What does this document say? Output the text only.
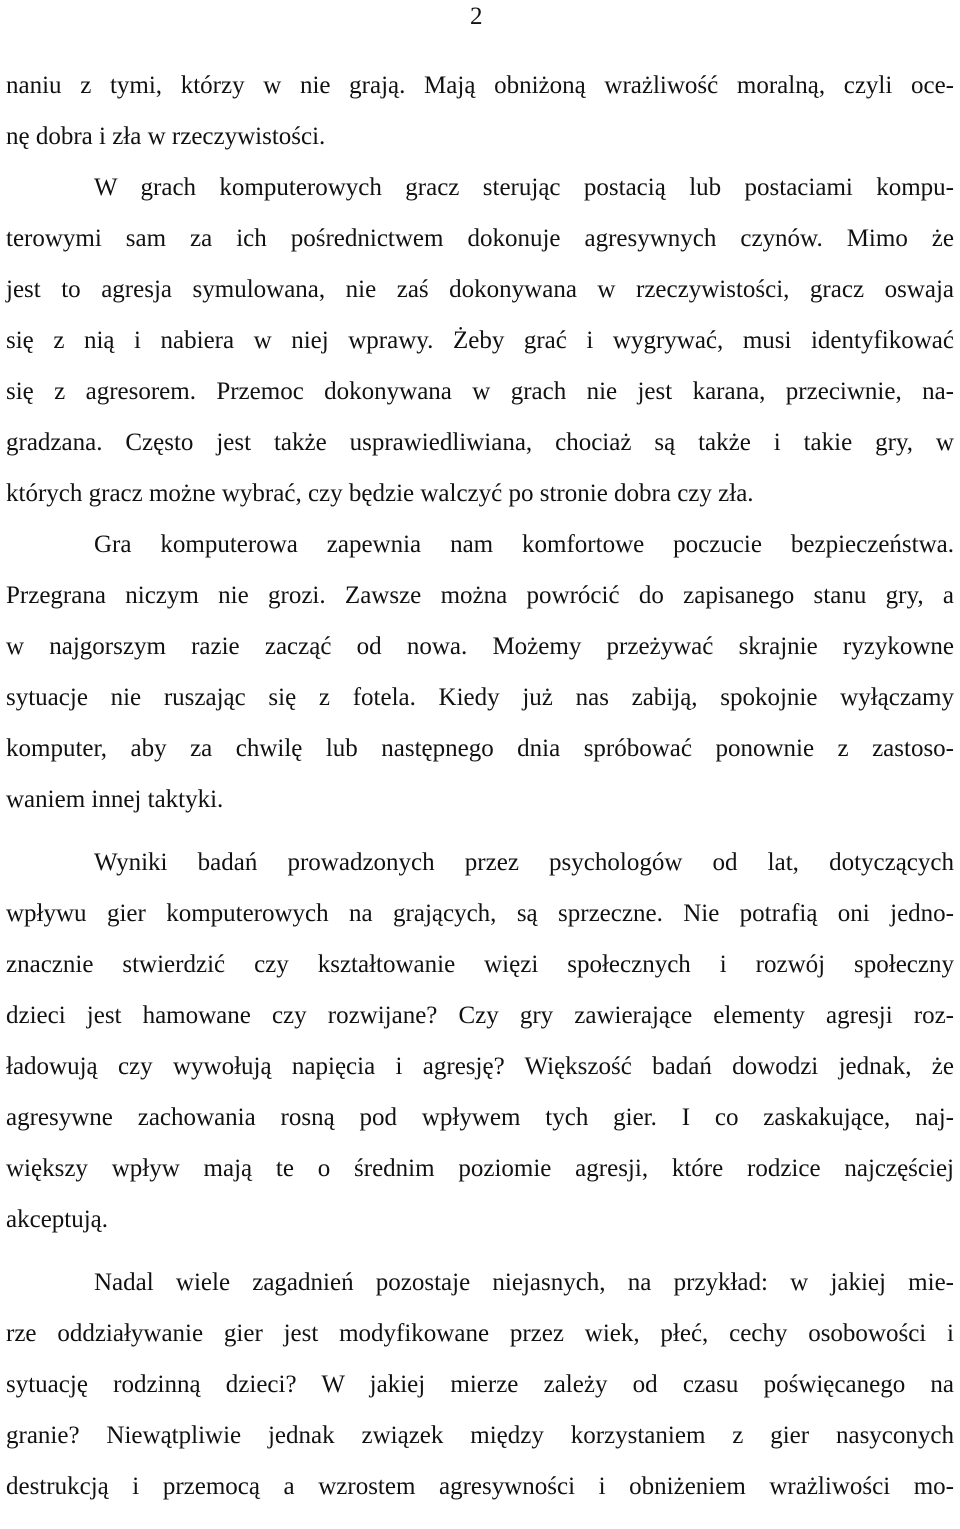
2
naniu z tymi, którzy w nie grają. Mają obniżoną wrażliwość moralną, czyli oce-
nę dobra i zła w rzeczywistości.
W grach komputerowych gracz sterując postacią lub postaciami kompu-
terowymi sam za ich pośrednictwem dokonuje agresywnych czynów. Mimo że
jest to agresja symulowana, nie zaś dokonywana w rzeczywistości, gracz oswaja
się z nią i nabiera w niej wprawy. Żeby grać i wygrywać, musi identyfikować
się z agresorem. Przemoc dokonywana w grach nie jest karana, przeciwnie, na-
gradzana. Często jest także usprawiedliwiana, chociaż są także i takie gry, w
których gracz możne wybrać, czy będzie walczyć po stronie dobra czy zła.
Gra komputerowa zapewnia nam komfortowe poczucie bezpieczeństwa.
Przegrana niczym nie grozi. Zawsze można powrócić do zapisanego stanu gry, a
w najgorszym razie zacząć od nowa. Możemy przeżywać skrajnie ryzykowne
sytuacje nie ruszając się z fotela. Kiedy już nas zabiją, spokojnie wyłączamy
komputer, aby za chwilę lub następnego dnia spróbować ponownie z zastoso-
waniem innej taktyki.
Wyniki badań prowadzonych przez psychologów od lat, dotyczących
wpływu gier komputerowych na grających, są sprzeczne. Nie potrafią oni jedno-
znacznie stwierdzić czy kształtowanie więzi społecznych i rozwój społeczny
dzieci jest hamowane czy rozwijane? Czy gry zawierające elementy agresji roz-
ładowują czy wywołują napięcia i agresję? Większość badań dowodzi jednak, że
agresywne zachowania rosną pod wpływem tych gier. I co zaskakujące, naj-
większy wpływ mają te o średnim poziomie agresji, które rodzice najczęściej
akceptują.
Nadal wiele zagadnień pozostaje niejasnych, na przykład: w jakiej mie-
rze oddziaływanie gier jest modyfikowane przez wiek, płeć, cechy osobowości i
sytuację rodzinną dzieci? W jakiej mierze zależy od czasu poświęcanego na
granie? Niewątpliwie jednak związek między korzystaniem z gier nasyconych
destrukcją i przemocą a wzrostem agresywności i obniżeniem wrażliwości mo-
